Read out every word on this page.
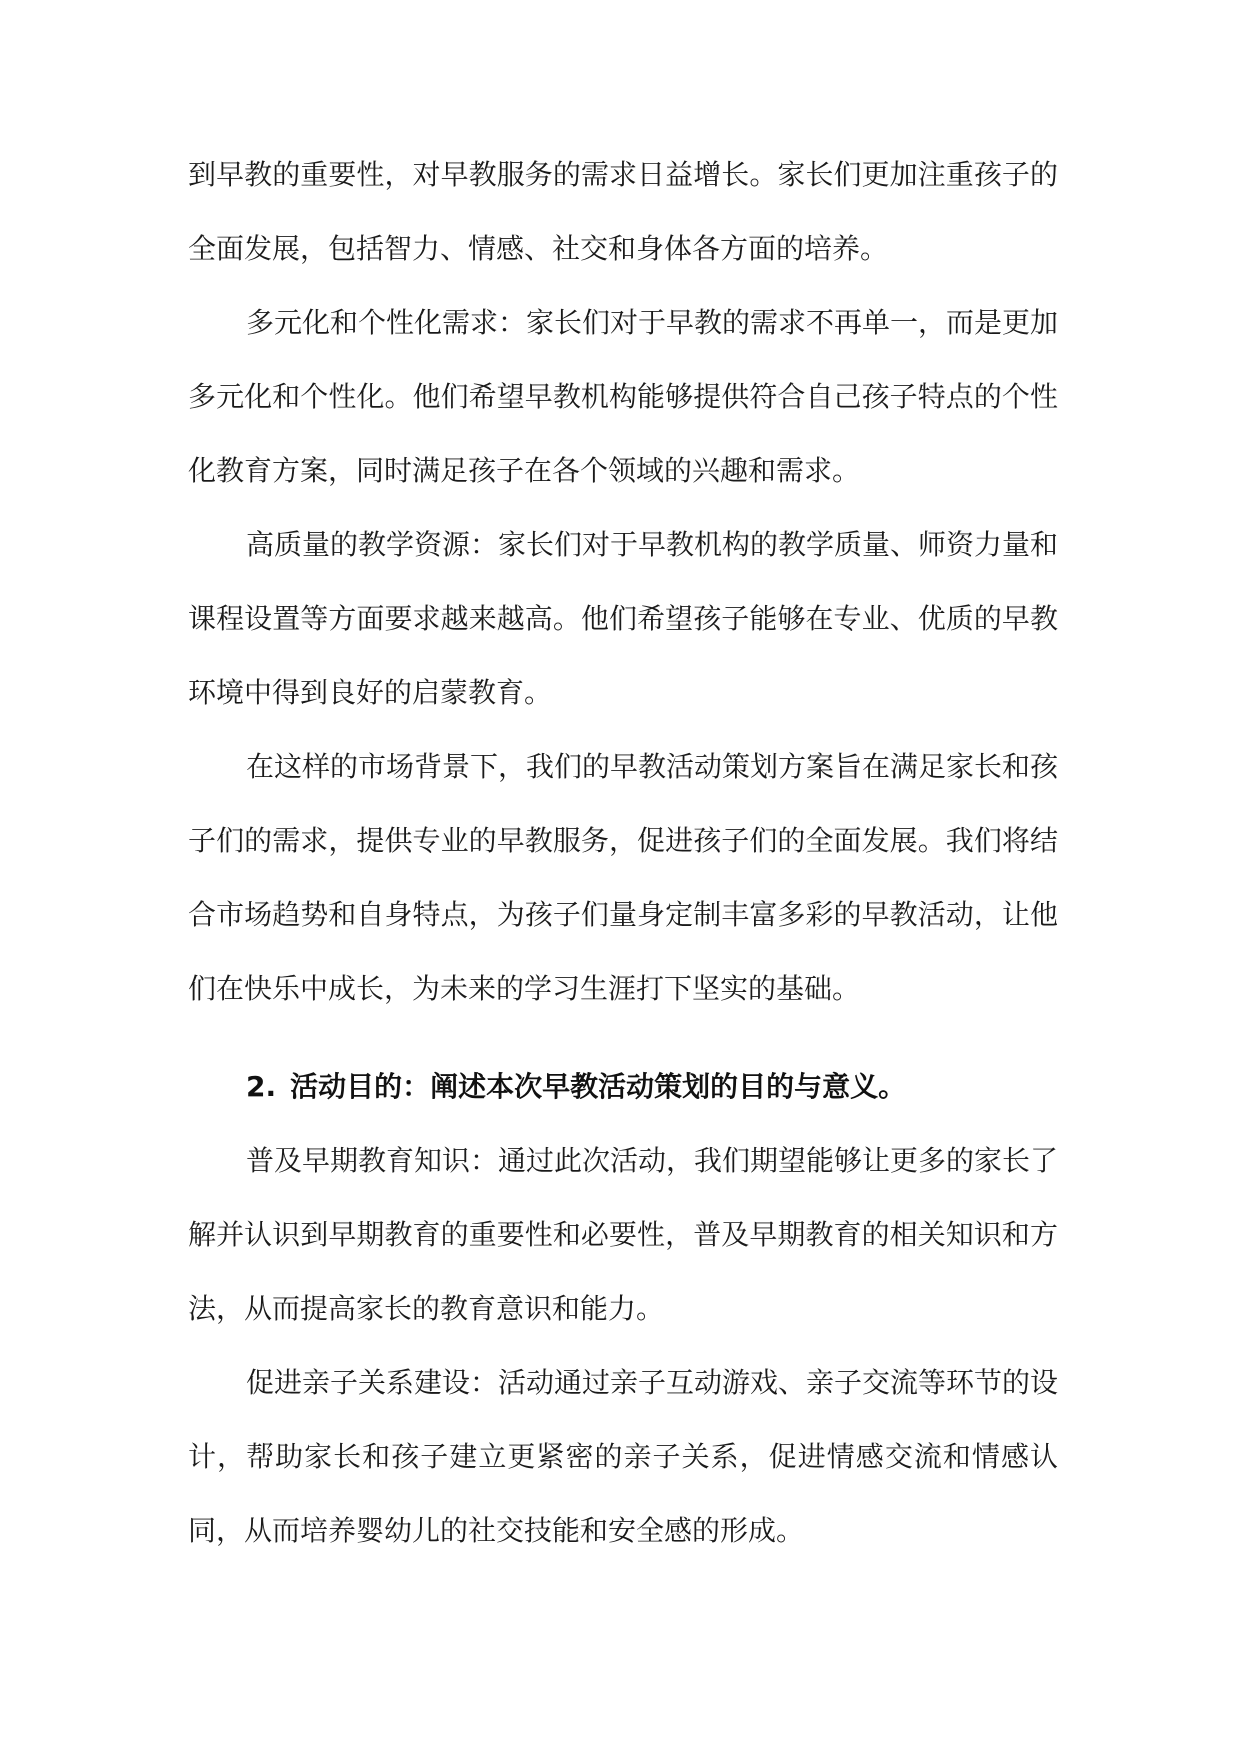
到早教的重要性，对早教服务的需求日益增长。家长们更加注重孩子的全面发展，包括智力、情感、社交和身体各方面的培养。

多元化和个性化需求：家长们对于早教的需求不再单一，而是更加多元化和个性化。他们希望早教机构能够提供符合自己孩子特点的个性化教育方案，同时满足孩子在各个领域的兴趣和需求。

高质量的教学资源：家长们对于早教机构的教学质量、师资力量和课程设置等方面要求越来越高。他们希望孩子能够在专业、优质的早教环境中得到良好的启蒙教育。

在这样的市场背景下，我们的早教活动策划方案旨在满足家长和孩子们的需求，提供专业的早教服务，促进孩子们的全面发展。我们将结合市场趋势和自身特点，为孩子们量身定制丰富多彩的早教活动，让他们在快乐中成长，为未来的学习生涯打下坚实的基础。

2. 活动目的：阐述本次早教活动策划的目的与意义。

普及早期教育知识：通过此次活动，我们期望能够让更多的家长了解并认识到早期教育的重要性和必要性，普及早期教育的相关知识和方法，从而提高家长的教育意识和能力。

促进亲子关系建设：活动通过亲子互动游戏、亲子交流等环节的设计，帮助家长和孩子建立更紧密的亲子关系，促进情感交流和情感认同，从而培养婴幼儿的社交技能和安全感的形成。
